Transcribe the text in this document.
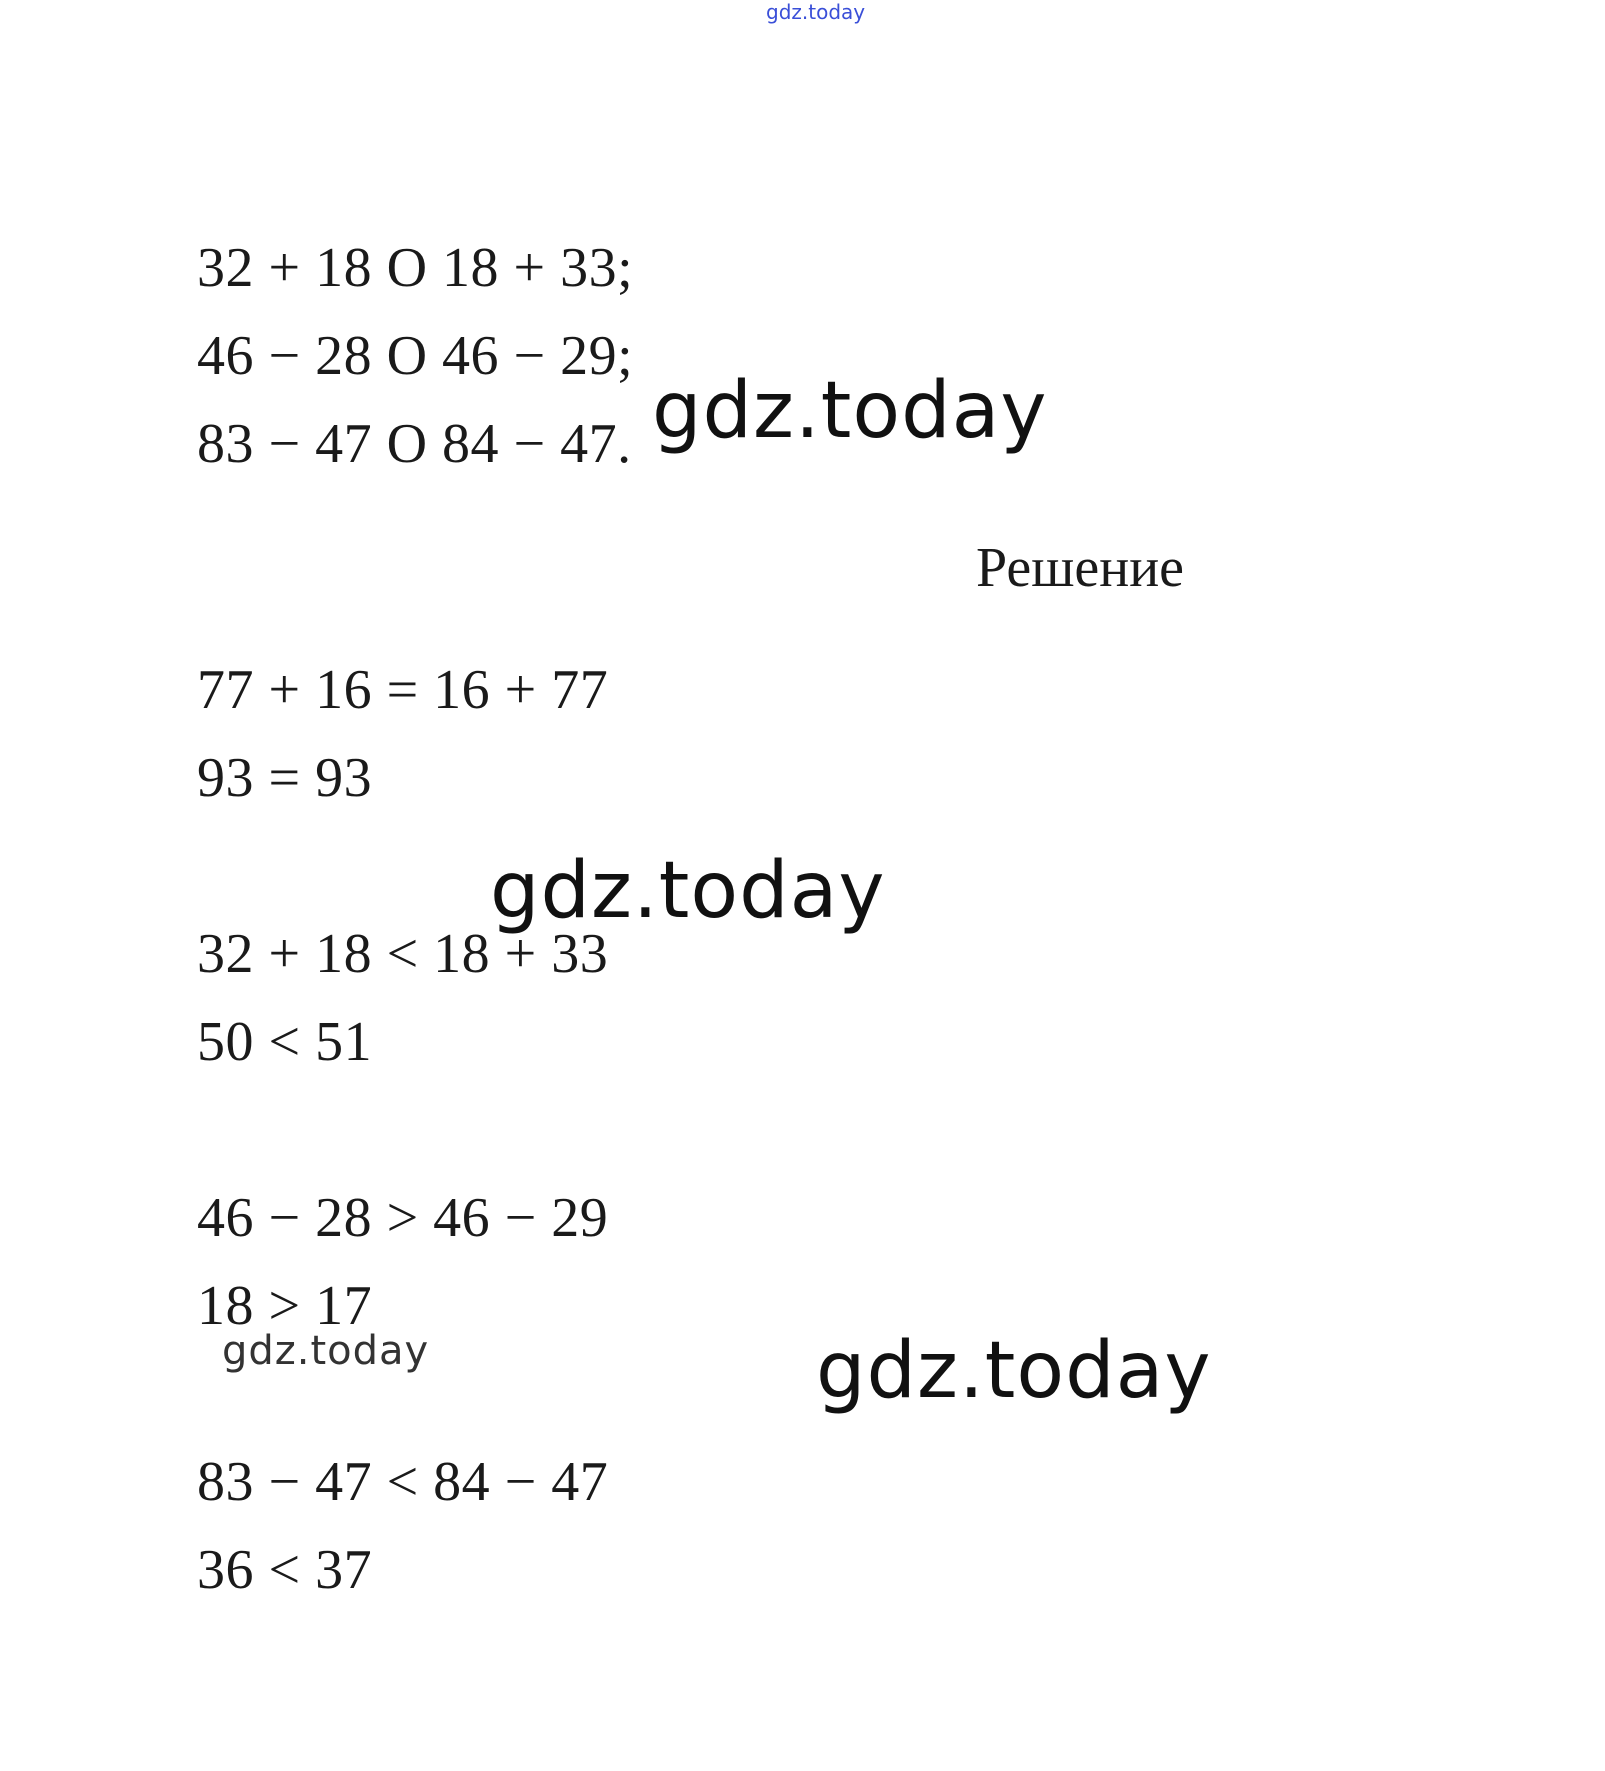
gdz.today
32 + 18 O 18 + 33;
46 − 28 O 46 − 29;
83 − 47 O 84 − 47. gdz.today
Решение
77 + 16 = 16 + 77
93 = 93
gdz.today
32 + 18 < 18 + 33
50 < 51
46 − 28 > 46 − 29
18 > 17
gdz.today	gdz.today
83 − 47 < 84 − 47
36 < 37
